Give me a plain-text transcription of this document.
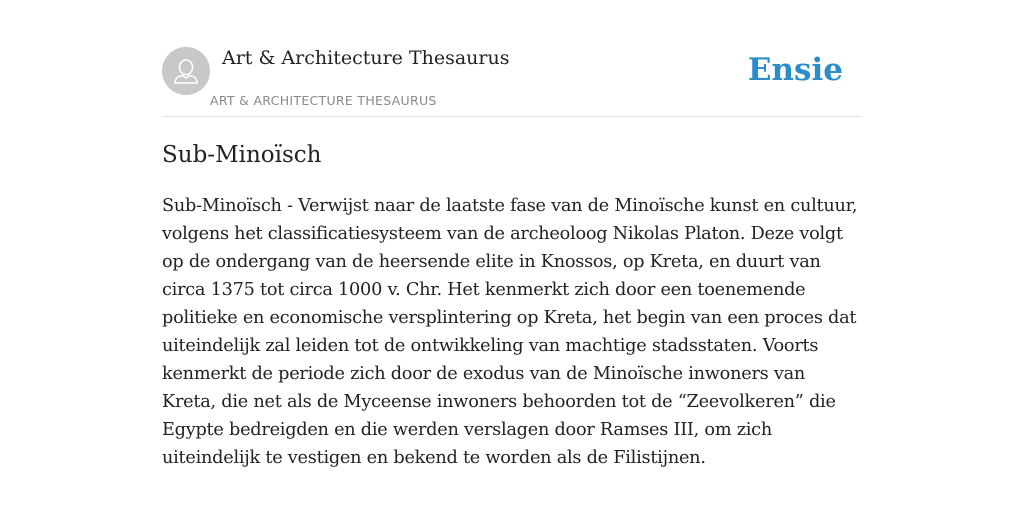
Art & Architecture Thesaurus
ART & ARCHITECTURE THESAURUS
Ensie
Sub-Minoïsch

Sub-Minoïsch - Verwijst naar de laatste fase van de Minoïsche kunst en cultuur, volgens het classificatiesysteem van de archeoloog Nikolas Platon. Deze volgt op de ondergang van de heersende elite in Knossos, op Kreta, en duurt van circa 1375 tot circa 1000 v. Chr. Het kenmerkt zich door een toenemende politieke en economische versplintering op Kreta, het begin van een proces dat uiteindelijk zal leiden tot de ontwikkeling van machtige stadsstaten. Voorts kenmerkt de periode zich door de exodus van de Minoïsche inwoners van Kreta, die net als de Myceense inwoners behoorden tot de “Zeevolkeren” die Egypte bedreigden en die werden verslagen door Ramses III, om zich uiteindelijk te vestigen en bekend te worden als de Filistijnen.
